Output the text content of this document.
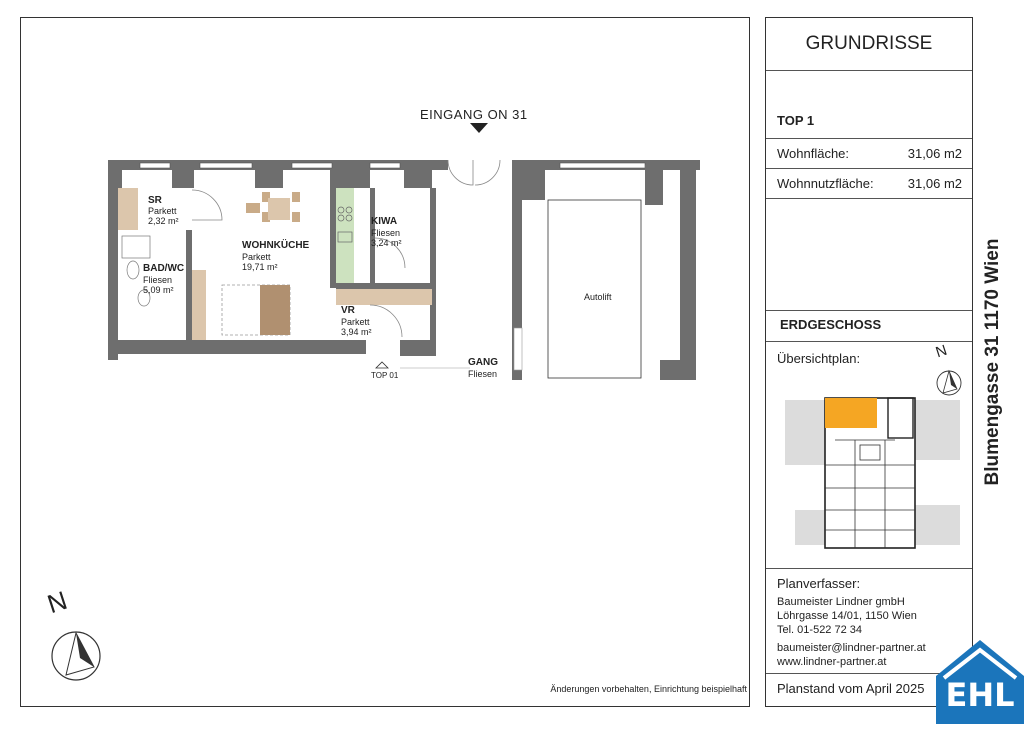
EINGANG ON 31
SR
Parkett
2,32 m²
BAD/WC
Fliesen
5,09 m²
WOHNKÜCHE
Parkett
19,71 m²
KIWA
Fliesen
3,24 m²
VR
Parkett
3,94 m²
GANG
Fliesen
TOP 01
Autolift
N
Änderungen vorbehalten, Einrichtung beispielhaft
GRUNDRISSE
TOP 1
Wohnfläche:	31,06 m2
Wohnnutzfläche:	31,06 m2
ERDGESCHOSS
Übersichtplan:	N
Planverfasser:
Baumeister Lindner gmbH
Löhrgasse 14/01, 1150 Wien
Tel. 01-522 72 34
baumeister@lindner-partner.at
www.lindner-partner.at
Planstand vom April 2025
Blumengasse 31 1170 Wien
EHL
